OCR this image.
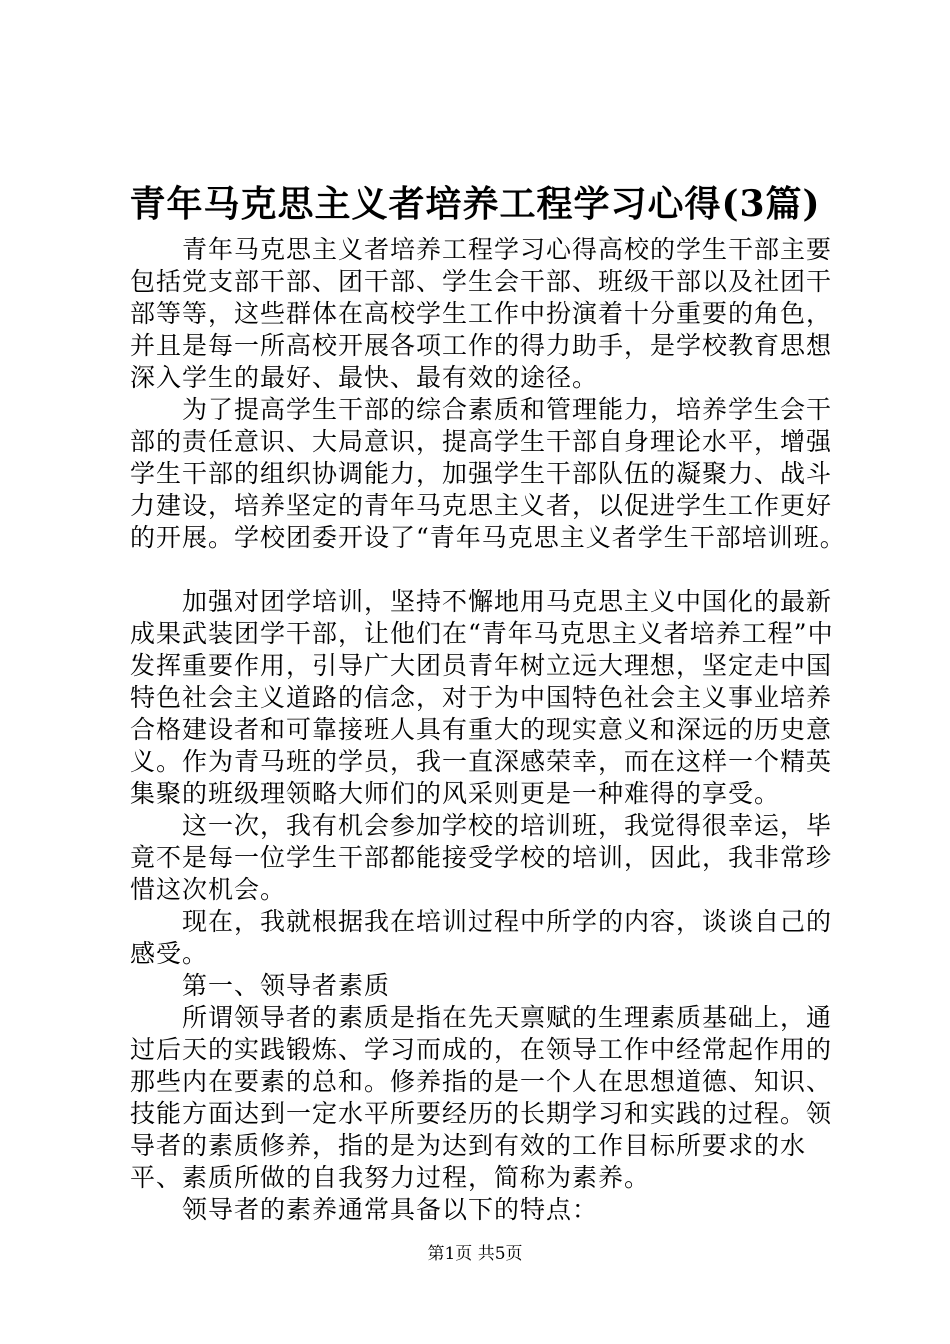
青年马克思主义者培养工程学习心得(3篇)

青年马克思主义者培养工程学习心得高校的学生干部主要包括党支部干部、团干部、学生会干部、班级干部以及社团干部等等，这些群体在高校学生工作中扮演着十分重要的角色，并且是每一所高校开展各项工作的得力助手，是学校教育思想深入学生的最好、最快、最有效的途径。

为了提高学生干部的综合素质和管理能力，培养学生会干部的责任意识、大局意识，提高学生干部自身理论水平，增强学生干部的组织协调能力，加强学生干部队伍的凝聚力、战斗力建设，培养坚定的青年马克思主义者，以促进学生工作更好的开展。学校团委开设了“青年马克思主义者学生干部培训班。

加强对团学培训，坚持不懈地用马克思主义中国化的最新成果武装团学干部，让他们在“青年马克思主义者培养工程”中发挥重要作用，引导广大团员青年树立远大理想，坚定走中国特色社会主义道路的信念，对于为中国特色社会主义事业培养合格建设者和可靠接班人具有重大的现实意义和深远的历史意义。作为青马班的学员，我一直深感荣幸，而在这样一个精英集聚的班级理领略大师们的风采则更是一种难得的享受。

这一次，我有机会参加学校的培训班，我觉得很幸运，毕竟不是每一位学生干部都能接受学校的培训，因此，我非常珍惜这次机会。

现在，我就根据我在培训过程中所学的内容，谈谈自己的感受。

第一、领导者素质

所谓领导者的素质是指在先天禀赋的生理素质基础上，通过后天的实践锻炼、学习而成的，在领导工作中经常起作用的那些内在要素的总和。修养指的是一个人在思想道德、知识、技能方面达到一定水平所要经历的长期学习和实践的过程。领导者的素质修养，指的是为达到有效的工作目标所要求的水平、素质所做的自我努力过程，简称为素养。

领导者的素养通常具备以下的特点：

第1页 共5页
